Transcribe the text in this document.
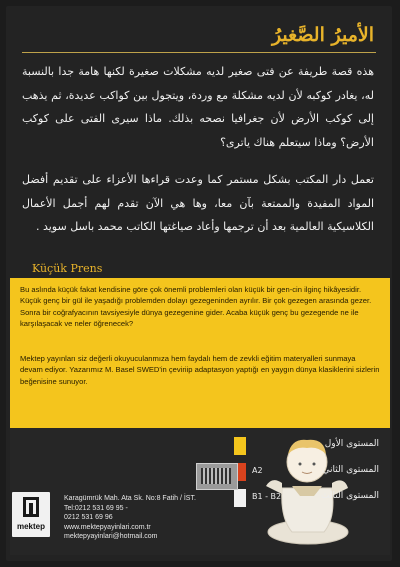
الأميرُ الصَّغيرُ
هذه قصة طريفة عن فتى صغير لديه مشكلات صغيرة لكنها هامة جدا بالنسبة له، يغادر كوكبه لأن لديه مشكلة مع وردة، ويتجول بين كواكب عديدة، ثم يذهب إلى كوكب الأرض لأن جغرافيا نصحه بذلك. ماذا سيرى الفتى على كوكب الأرض؟ وماذا سيتعلم هناك ياترى؟
تعمل دار المكتب بشكل مستمر كما وعدت قراءها الأعزاء على تقديم أفضل المواد المفيدة والممتعة بآن معا، وها هي الآن تقدم لهم أجمل الأعمال الكلاسيكية العالمية بعد أن ترجمها وأعاد صياغتها الكاتب محمد باسل سويد .
Küçük Prens
Bu aslında küçük fakat kendisine göre çok önemli problemleri olan küçük bir gen-cin ilginç hikâyesidir. Küçük genç bir gül ile yaşadığı problemden dolayı gezegeninden ayrılır. Bir çok gezegen arasında gezer. Sonra bir coğrafyacının tavsiyesiyle dünya gezegenine gider. Acaba küçük genç bu gezegende ne ile karşılaşacak ve neler öğrenecek?
Mektep yayınları siz değerli okuyuculanmıza hem faydalı hem de zevkli eğitim materyalleri sunmaya devam ediyor. Yazarımız M. Basel SWED'in çeviriip adaptasyon yaptığı en yaygın dünya klasiklerini sizlerin beğenisine sunuyor.
المستوى الأول
A2	المستوى الثاني
B1 - B2	المستوى الثالث
mektep
Karagümrük Mah. Ata Sk. No:8 Fatih / İST.
Tel:0212 531 69 95 -
0212 531 69 96
www.mektepyayinlari.com.tr
mektepyayinlari@hotmail.com
